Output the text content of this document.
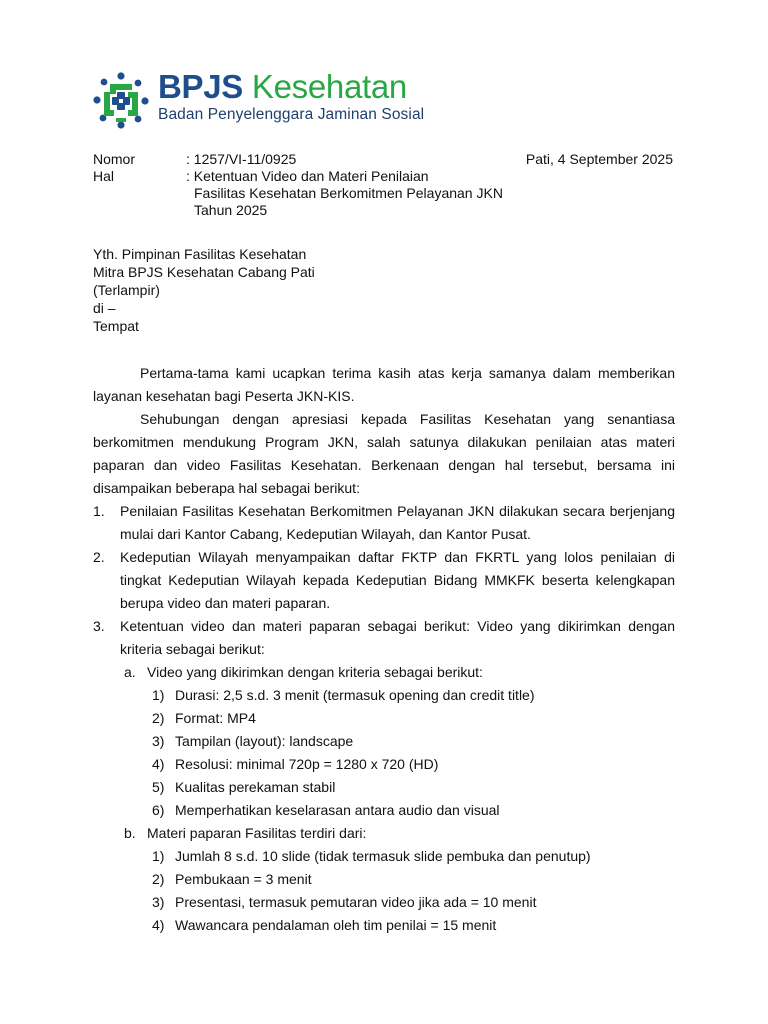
BPJS Kesehatan
Badan Penyelenggara Jaminan Sosial
Nomor	: 1257/VI-11/0925	Pati, 4 September 2025
Hal	: Ketentuan Video dan Materi Penilaian
Fasilitas Kesehatan Berkomitmen Pelayanan JKN
Tahun 2025
Yth. Pimpinan Fasilitas Kesehatan
Mitra BPJS Kesehatan Cabang Pati
(Terlampir)
di –
Tempat

Pertama-tama kami ucapkan terima kasih atas kerja samanya dalam memberikan layanan kesehatan bagi Peserta JKN-KIS.

Sehubungan dengan apresiasi kepada Fasilitas Kesehatan yang senantiasa berkomitmen mendukung Program JKN, salah satunya dilakukan penilaian atas materi paparan dan video Fasilitas Kesehatan. Berkenaan dengan hal tersebut, bersama ini disampaikan beberapa hal sebagai berikut:

1. Penilaian Fasilitas Kesehatan Berkomitmen Pelayanan JKN dilakukan secara berjenjang mulai dari Kantor Cabang, Kedeputian Wilayah, dan Kantor Pusat.
2. Kedeputian Wilayah menyampaikan daftar FKTP dan FKRTL yang lolos penilaian di tingkat Kedeputian Wilayah kepada Kedeputian Bidang MMKFK beserta kelengkapan berupa video dan materi paparan.
3. Ketentuan video dan materi paparan sebagai berikut: Video yang dikirimkan dengan kriteria sebagai berikut:
a. Video yang dikirimkan dengan kriteria sebagai berikut:
1) Durasi: 2,5 s.d. 3 menit (termasuk opening dan credit title)
2) Format: MP4
3) Tampilan (layout): landscape
4) Resolusi: minimal 720p = 1280 x 720 (HD)
5) Kualitas perekaman stabil
6) Memperhatikan keselarasan antara audio dan visual
b. Materi paparan Fasilitas terdiri dari:
1) Jumlah 8 s.d. 10 slide (tidak termasuk slide pembuka dan penutup)
2) Pembukaan = 3 menit
3) Presentasi, termasuk pemutaran video jika ada = 10 menit
4) Wawancara pendalaman oleh tim penilai = 15 menit
